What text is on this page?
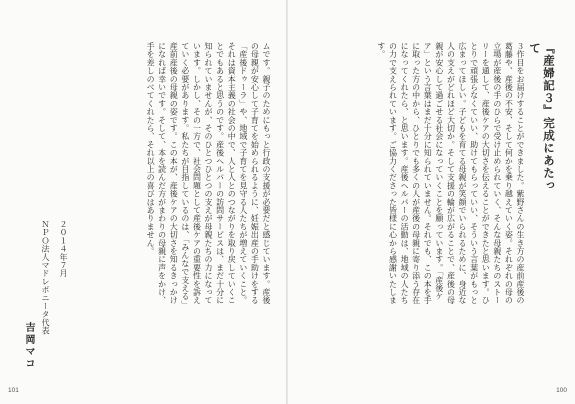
ムです。親子のためにもっと行政の支援が必要だと感じています。産後の母親が安心して子育てを始められるように、妊娠出産の手助けをする「産後ドゥーラ」や、地域で子育てを見守る人たちが増えていくこと。それは資本主義の社会の中で、人と人とのつながりを取り戻していくことでもあると思うのです。産後ヘルパーの訪問サービスは、まだ十分に知られていませんが、そのひとつひとつの支えが母親たちの力になっています。しかし、その一方で、社会問題として産後ケアの重要性を訴えていく必要があります。私たちが目指しているのは、「みんなで支える」産前産後の母親の姿です。この本が、産後ケアの大切さを知るきっかけになれば幸いです。そして、本を読んだ方がまわりの母親に声をかけ、手を差しのべてくれたら、それ以上の喜びはありません。
２０１４年７月
ＮＰＯ法人マドレボニータ代表
吉岡マコ
101
『産婦記３』完成にあたって
３作目をお届けすることができました。紫野さんの生き方の産前産後の葛藤や、産後の不安、そして何かを乗り越えていく姿。それぞれの母の立場が産後の手のひらで受け止められていく、そんな母親たちのストーリーを通して、産後ケアの大切さを伝えることができたと思います。ひとりで頑張らなくていい、助けてもらっていい、そういう言葉がもっと広まってほしい。子どもを育てる母親が笑顔でいられるために、身近な人の支えがどれほど大切か。そして支援の輪が広がることで、産後の母親が安心して過ごせる社会になっていくことを願っています。「産後ケア」という言葉はまだ十分に知られていません。それでも、この本を手に取った方の中から、ひとりでも多くの人が産後の母親に寄り添う存在になってくれたら、と思います。産後ヘルパーの活動は、地域の人たちの力で支えられています。ご協力くださった皆様に心から感謝いたします。
100
